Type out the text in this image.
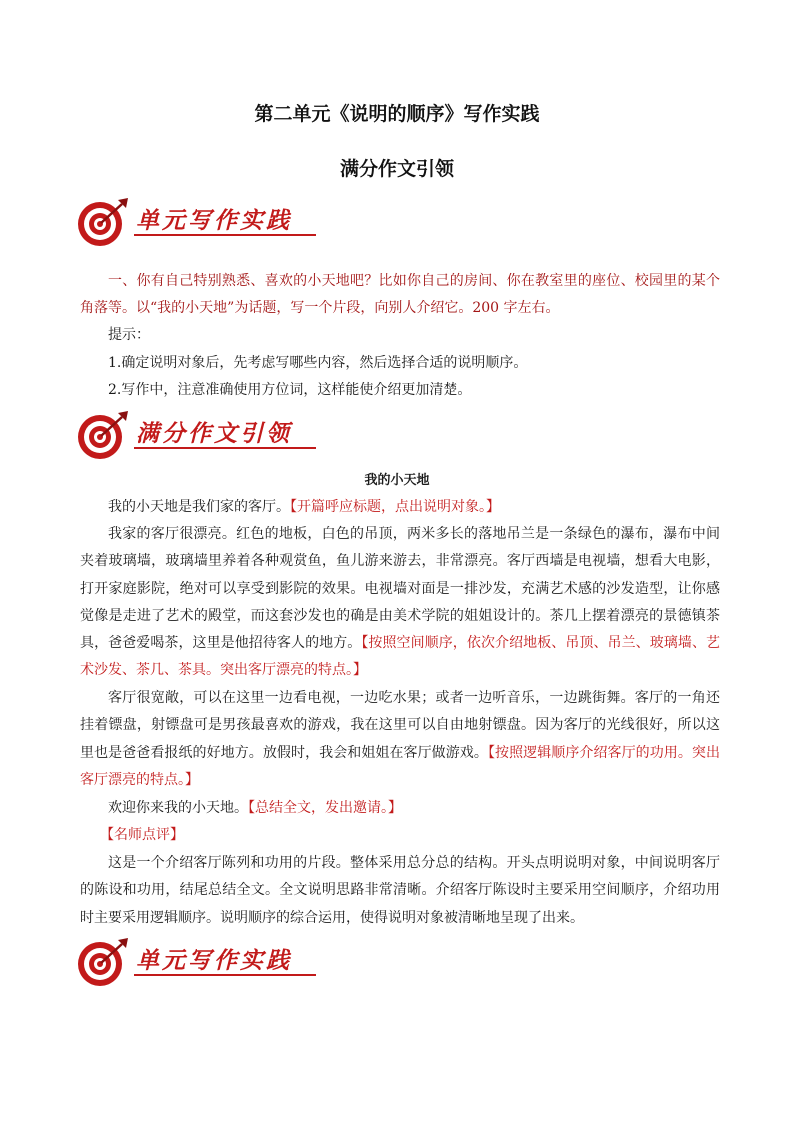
第二单元《说明的顺序》写作实践
满分作文引领
单元写作实践
一、你有自己特别熟悉、喜欢的小天地吧？比如你自己的房间、你在教室里的座位、校园里的某个角落等。以“我的小天地”为话题，写一个片段，向别人介绍它。200 字左右。
提示：
1.确定说明对象后，先考虑写哪些内容，然后选择合适的说明顺序。
2.写作中，注意准确使用方位词，这样能使介绍更加清楚。
满分作文引领
我的小天地
我的小天地是我们家的客厅。【开篇呼应标题，点出说明对象。】
我家的客厅很漂亮。红色的地板，白色的吊顶，两米多长的落地吊兰是一条绿色的瀑布，瀑布中间夹着玻璃墙，玻璃墙里养着各种观赏鱼，鱼儿游来游去，非常漂亮。客厅西墙是电视墙，想看大电影，打开家庭影院，绝对可以享受到影院的效果。电视墙对面是一排沙发，充满艺术感的沙发造型，让你感觉像是走进了艺术的殿堂，而这套沙发也的确是由美术学院的姐姐设计的。茶几上摆着漂亮的景德镇茶具，爸爸爱喝茶，这里是他招待客人的地方。【按照空间顺序，依次介绍地板、吊顶、吊兰、玻璃墙、艺术沙发、茶几、茶具。突出客厅漂亮的特点。】
客厅很宽敞，可以在这里一边看电视，一边吃水果；或者一边听音乐，一边跳街舞。客厅的一角还挂着镖盘，射镖盘可是男孩最喜欢的游戏，我在这里可以自由地射镖盘。因为客厅的光线很好，所以这里也是爸爸看报纸的好地方。放假时，我会和姐姐在客厅做游戏。【按照逻辑顺序介绍客厅的功用。突出客厅漂亮的特点。】
欢迎你来我的小天地。【总结全文，发出邀请。】
【名师点评】
这是一个介绍客厅陈列和功用的片段。整体采用总分总的结构。开头点明说明对象，中间说明客厅的陈设和功用，结尾总结全文。全文说明思路非常清晰。介绍客厅陈设时主要采用空间顺序，介绍功用时主要采用逻辑顺序。说明顺序的综合运用，使得说明对象被清晰地呈现了出来。
单元写作实践
